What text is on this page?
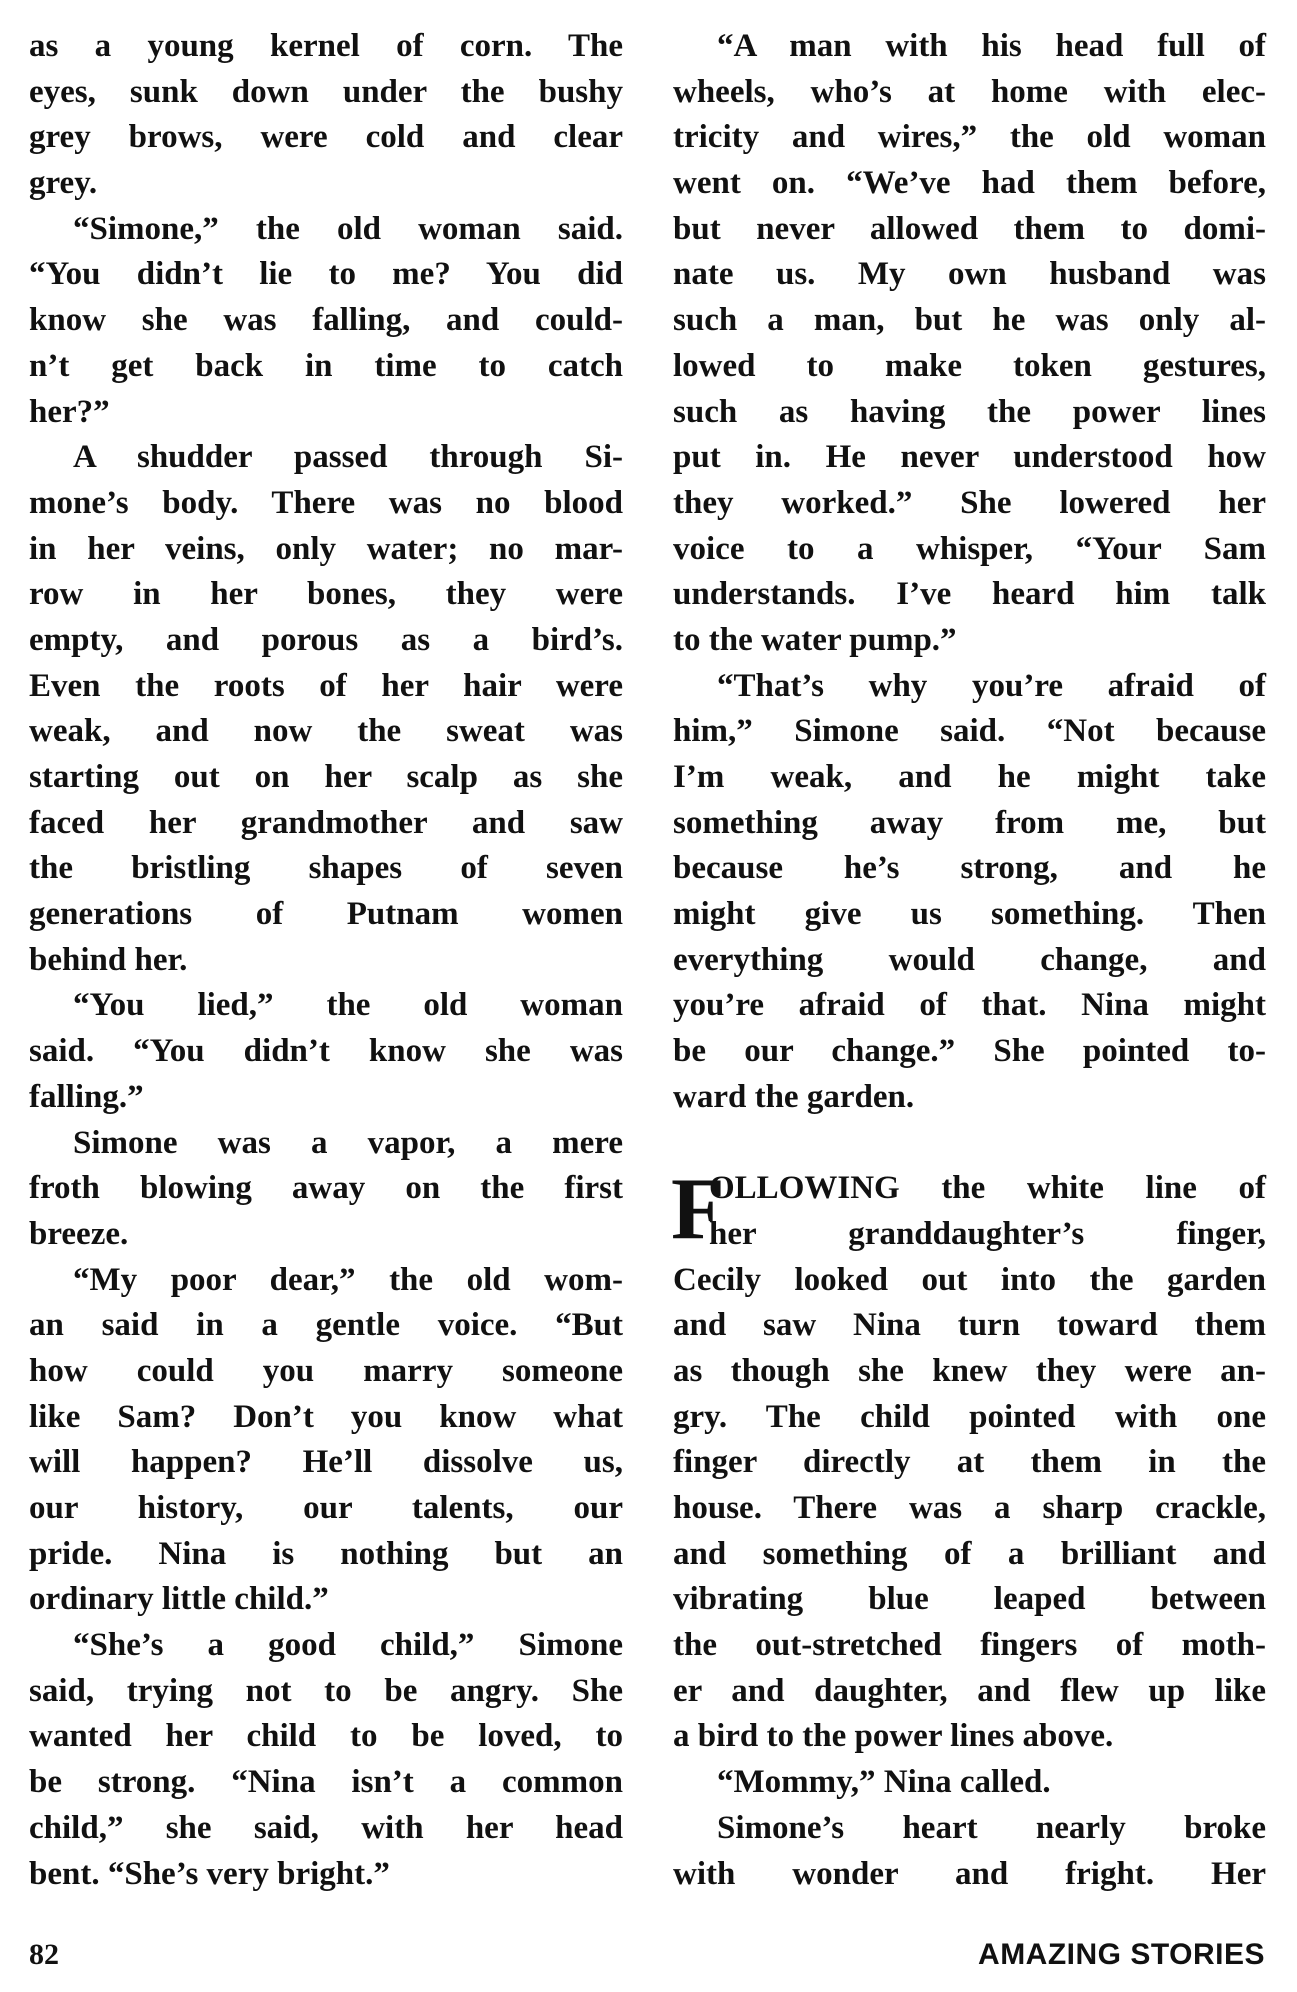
as a young kernel of corn. The
eyes, sunk down under the bushy
grey brows, were cold and clear
grey.
“Simone,” the old woman said.
“You didn’t lie to me? You did
know she was falling, and could-
n’t get back in time to catch
her?”
A shudder passed through Si-
mone’s body. There was no blood
in her veins, only water; no mar-
row in her bones, they were
empty, and porous as a bird’s.
Even the roots of her hair were
weak, and now the sweat was
starting out on her scalp as she
faced her grandmother and saw
the bristling shapes of seven
generations of Putnam women
behind her.
“You lied,” the old woman
said. “You didn’t know she was
falling.”
Simone was a vapor, a mere
froth blowing away on the first
breeze.
“My poor dear,” the old wom-
an said in a gentle voice. “But
how could you marry someone
like Sam? Don’t you know what
will happen? He’ll dissolve us,
our history, our talents, our
pride. Nina is nothing but an
ordinary little child.”
“She’s a good child,” Simone
said, trying not to be angry. She
wanted her child to be loved, to
be strong. “Nina isn’t a common
child,” she said, with her head
bent. “She’s very bright.”
“A man with his head full of
wheels, who’s at home with elec-
tricity and wires,” the old woman
went on. “We’ve had them before,
but never allowed them to domi-
nate us. My own husband was
such a man, but he was only al-
lowed to make token gestures,
such as having the power lines
put in. He never understood how
they worked.” She lowered her
voice to a whisper, “Your Sam
understands. I’ve heard him talk
to the water pump.”
“That’s why you’re afraid of
him,” Simone said. “Not because
I’m weak, and he might take
something away from me, but
because he’s strong, and he
might give us something. Then
everything would change, and
you’re afraid of that. Nina might
be our change.” She pointed to-
ward the garden.
F
OLLOWING the white line of
her granddaughter’s finger,
Cecily looked out into the garden
and saw Nina turn toward them
as though she knew they were an-
gry. The child pointed with one
finger directly at them in the
house. There was a sharp crackle,
and something of a brilliant and
vibrating blue leaped between
the out-stretched fingers of moth-
er and daughter, and flew up like
a bird to the power lines above.
“Mommy,” Nina called.
Simone’s heart nearly broke
with wonder and fright. Her
82	AMAZING STORIES
